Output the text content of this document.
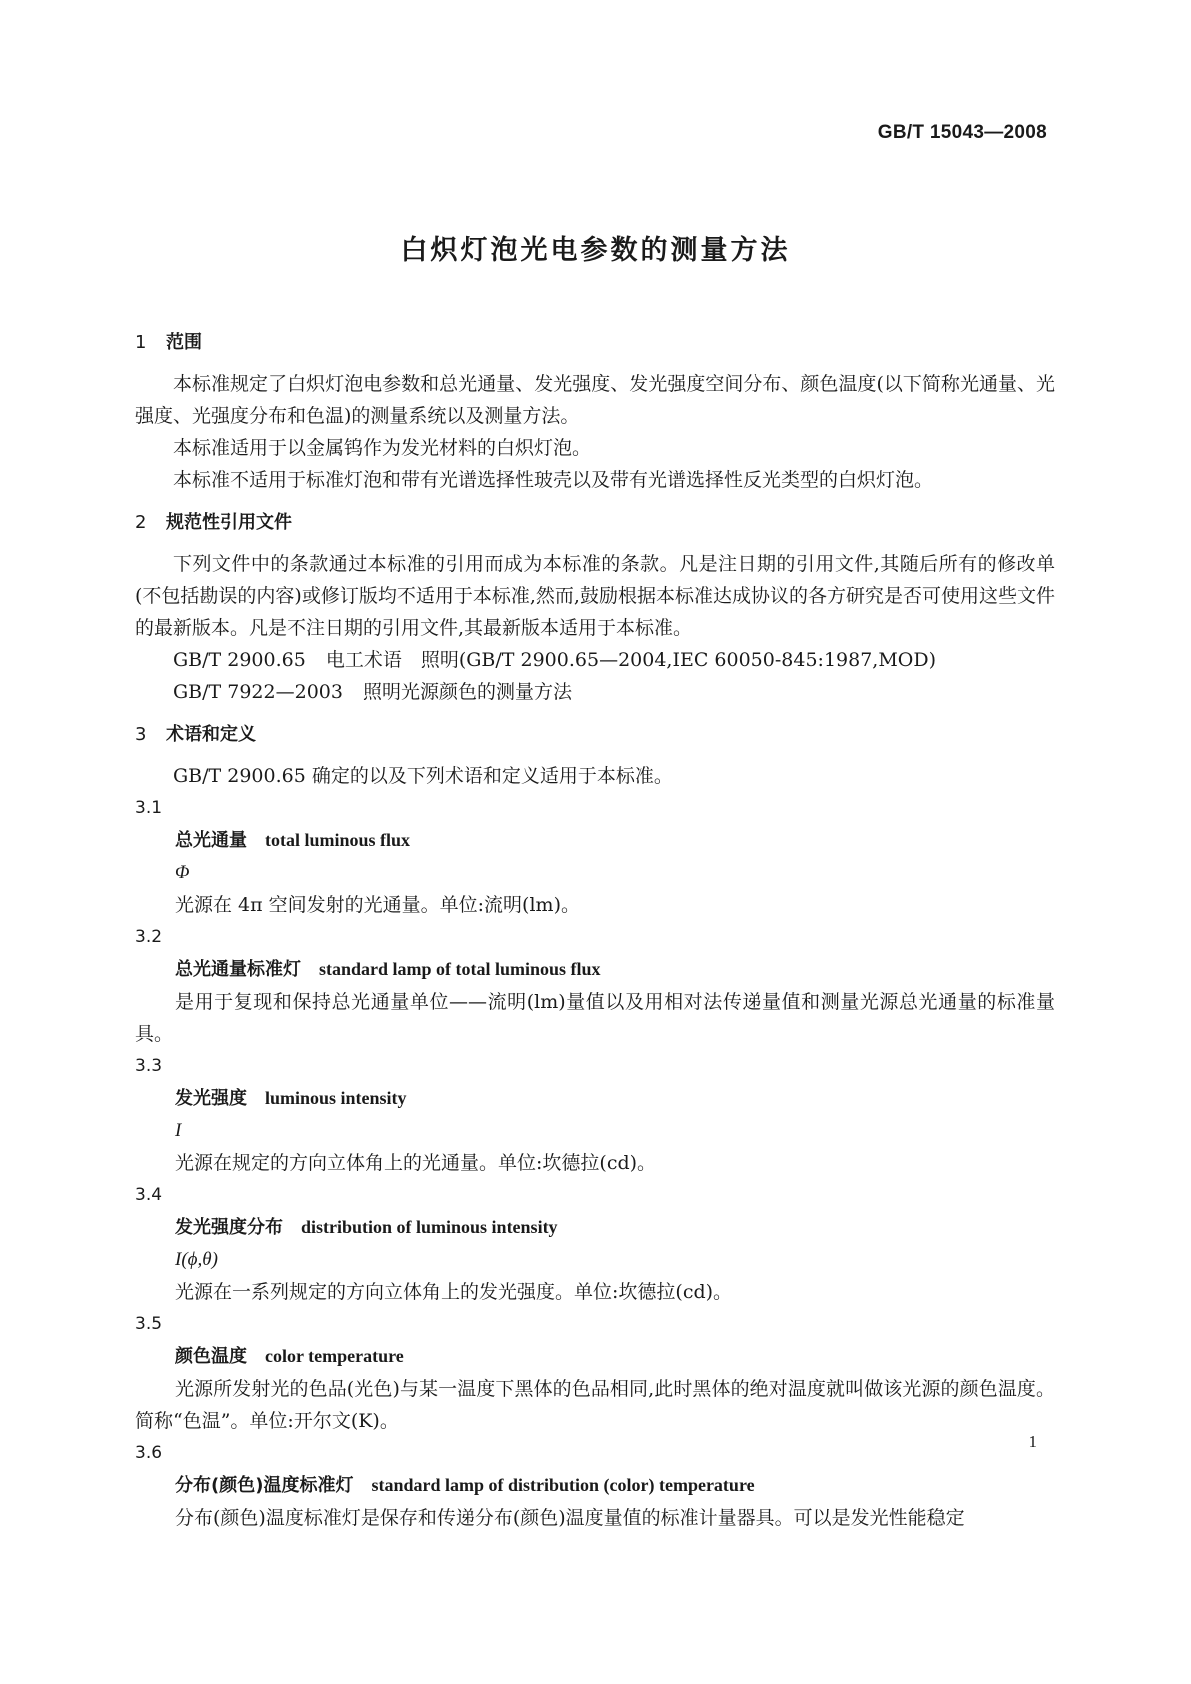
GB/T 15043—2008
白炽灯泡光电参数的测量方法
1 范围

本标准规定了白炽灯泡电参数和总光通量、发光强度、发光强度空间分布、颜色温度(以下简称光通量、光强度、光强度分布和色温)的测量系统以及测量方法。

本标准适用于以金属钨作为发光材料的白炽灯泡。

本标准不适用于标准灯泡和带有光谱选择性玻壳以及带有光谱选择性反光类型的白炽灯泡。

2 规范性引用文件

下列文件中的条款通过本标准的引用而成为本标准的条款。凡是注日期的引用文件,其随后所有的修改单(不包括勘误的内容)或修订版均不适用于本标准,然而,鼓励根据本标准达成协议的各方研究是否可使用这些文件的最新版本。凡是不注日期的引用文件,其最新版本适用于本标准。

GB/T 2900.65 电工术语　照明(GB/T 2900.65—2004,IEC 60050-845:1987,MOD)

GB/T 7922—2003 照明光源颜色的测量方法

3 术语和定义

GB/T 2900.65 确定的以及下列术语和定义适用于本标准。

3.1

总光通量 total luminous flux

Φ

光源在 4π 空间发射的光通量。单位:流明(lm)。

3.2

总光通量标准灯 standard lamp of total luminous flux

是用于复现和保持总光通量单位——流明(lm)量值以及用相对法传递量值和测量光源总光通量的标准量具。

3.3

发光强度 luminous intensity

I

光源在规定的方向立体角上的光通量。单位:坎德拉(cd)。

3.4

发光强度分布 distribution of luminous intensity

I(ϕ,θ)

光源在一系列规定的方向立体角上的发光强度。单位:坎德拉(cd)。

3.5

颜色温度 color temperature

光源所发射光的色品(光色)与某一温度下黑体的色品相同,此时黑体的绝对温度就叫做该光源的颜色温度。简称“色温”。单位:开尔文(K)。

3.6

分布(颜色)温度标准灯 standard lamp of distribution (color) temperature

分布(颜色)温度标准灯是保存和传递分布(颜色)温度量值的标准计量器具。可以是发光性能稳定

1
